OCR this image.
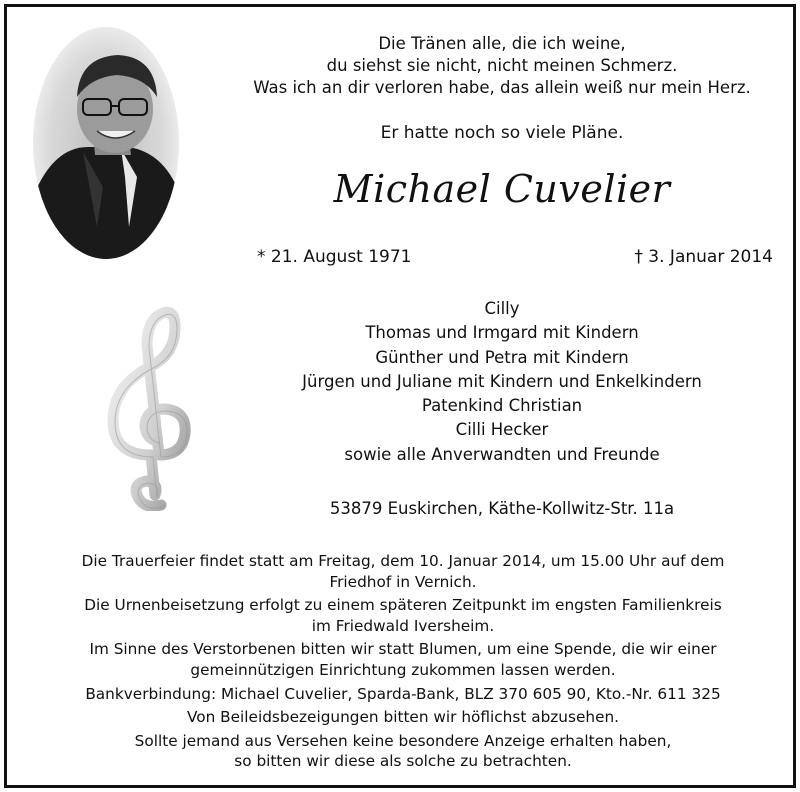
Die Tränen alle, die ich weine,
du siehst sie nicht, nicht meinen Schmerz.
Was ich an dir verloren habe, das allein weiß nur mein Herz.
Er hatte noch so viele Pläne.
Michael Cuvelier
* 21. August 1971	† 3. Januar 2014
Cilly
Thomas und Irmgard mit Kindern
Günther und Petra mit Kindern
Jürgen und Juliane mit Kindern und Enkelkindern
Patenkind Christian
Cilli Hecker
sowie alle Anverwandten und Freunde
53879 Euskirchen, Käthe-Kollwitz-Str. 11a
Die Trauerfeier findet statt am Freitag, dem 10. Januar 2014, um 15.00 Uhr auf dem
Friedhof in Vernich.
Die Urnenbeisetzung erfolgt zu einem späteren Zeitpunkt im engsten Familienkreis
im Friedwald Iversheim.
Im Sinne des Verstorbenen bitten wir statt Blumen, um eine Spende, die wir einer
gemeinnützigen Einrichtung zukommen lassen werden.
Bankverbindung: Michael Cuvelier, Sparda-Bank, BLZ 370 605 90, Kto.-Nr. 611 325
Von Beileidsbezeigungen bitten wir höflichst abzusehen.
Sollte jemand aus Versehen keine besondere Anzeige erhalten haben,
so bitten wir diese als solche zu betrachten.
